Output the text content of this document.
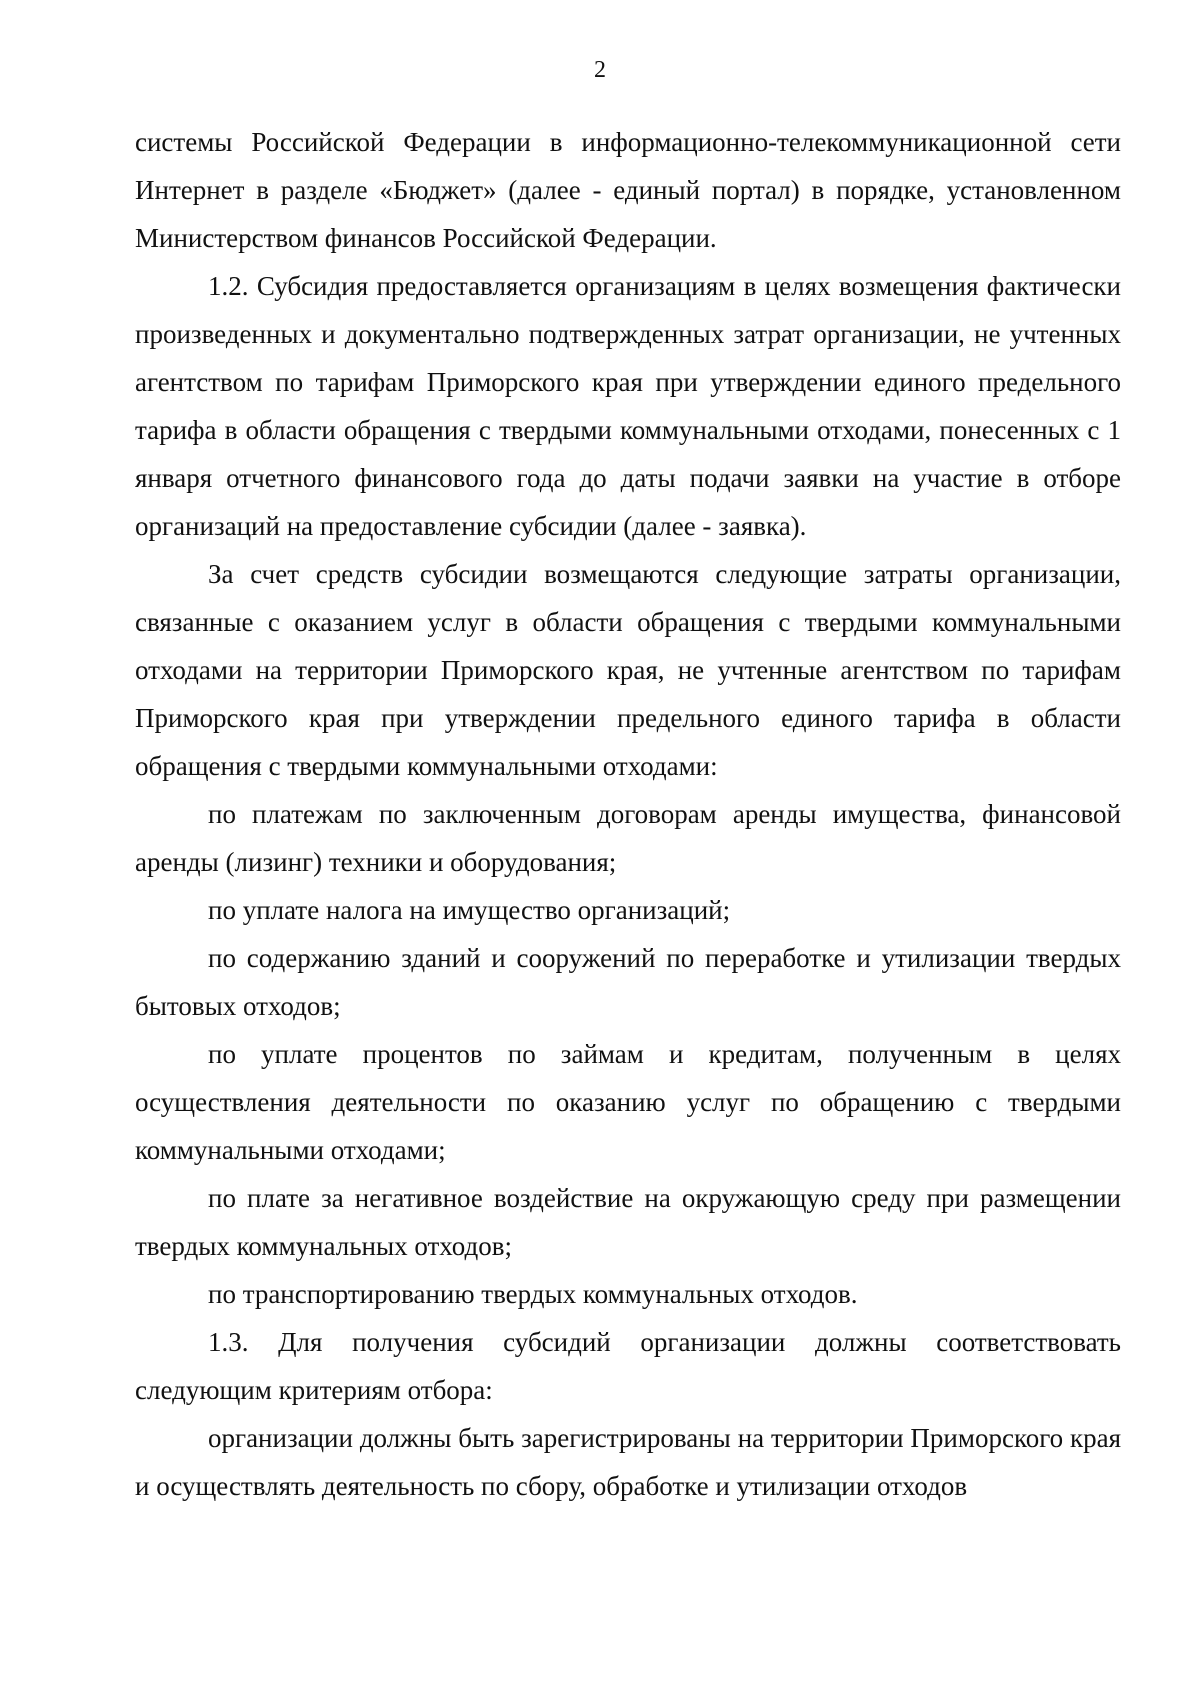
2

системы Российской Федерации в информационно-телекоммуникационной сети Интернет в разделе «Бюджет» (далее - единый портал) в порядке, установленном Министерством финансов Российской Федерации.

1.2. Субсидия предоставляется организациям в целях возмещения фактически произведенных и документально подтвержденных затрат организации, не учтенных агентством по тарифам Приморского края при утверждении единого предельного тарифа в области обращения с твердыми коммунальными отходами, понесенных с 1 января отчетного финансового года до даты подачи заявки на участие в отборе организаций на предоставление субсидии (далее - заявка).

За счет средств субсидии возмещаются следующие затраты организации, связанные с оказанием услуг в области обращения с твердыми коммунальными отходами на территории Приморского края, не учтенные агентством по тарифам Приморского края при утверждении предельного единого тарифа в области обращения с твердыми коммунальными отходами:

по платежам по заключенным договорам аренды имущества, финансовой аренды (лизинг) техники и оборудования;

по уплате налога на имущество организаций;

по содержанию зданий и сооружений по переработке и утилизации твердых бытовых отходов;

по уплате процентов по займам и кредитам, полученным в целях осуществления деятельности по оказанию услуг по обращению с твердыми коммунальными отходами;

по плате за негативное воздействие на окружающую среду при размещении твердых коммунальных отходов;

по транспортированию твердых коммунальных отходов.

1.3. Для получения субсидий организации должны соответствовать следующим критериям отбора:

организации должны быть зарегистрированы на территории Приморского края и осуществлять деятельность по сбору, обработке и утилизации отходов
